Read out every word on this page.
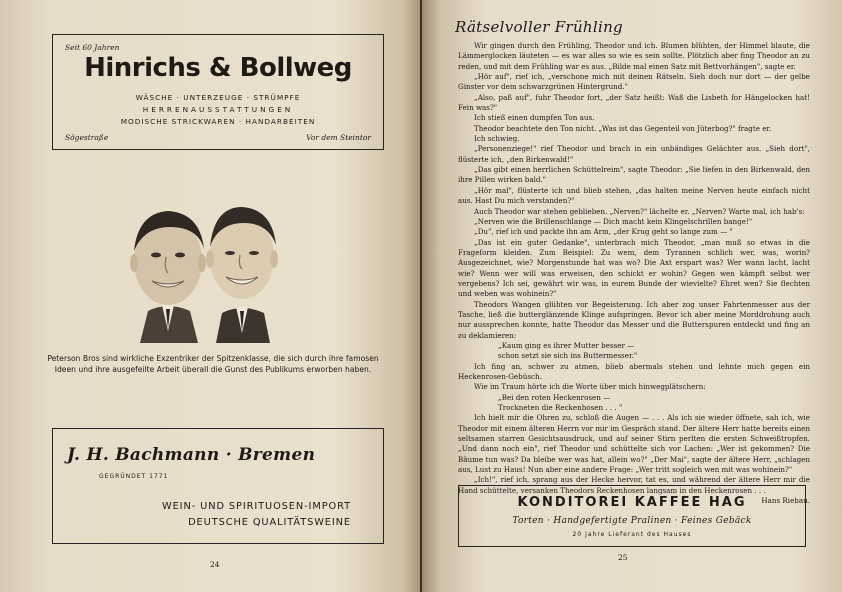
Seit 60 Jahren
Hinrichs & Bollweg
WÄSCHE · UNTERZEUGE · STRÜMPFE
HERRENAUSSTATTUNGEN
MODISCHE STRICKWAREN · HANDARBEITEN
Sögestraße	Vor dem Steintor
Peterson Bros sind wirkliche Exzentriker der Spitzenklasse, die sich durch ihre famosen Ideen und ihre ausgefeilte Arbeit überall die Gunst des Publikums erworben haben.
J. H. Bachmann · Bremen
GEGRÜNDET 1771
WEIN- UND SPIRITUOSEN-IMPORT
DEUTSCHE QUALITÄTSWEINE
24
Rätselvoller Frühling

Wir gingen durch den Frühling, Theodor und ich. Blumen blühten, der Himmel blaute, die Lämmerglocken läuteten — es war alles so wie es sein sollte. Plötzlich aber fing Theodor an zu reden, und mit dem Frühling war es aus. „Bilde mal einen Satz mit Bettvorhängen", sagte er.

„Hör auf", rief ich, „verschone mich mit deinen Rätseln. Sieh doch nur dort — der gelbe Ginster vor dem schwarzgrünen Hintergrund."

„Also, paß auf", fuhr Theodor fort, „der Satz heißt: Waß die Lisbeth for Hängelocken hat! Fein was?"

Ich stieß einen dumpfen Ton aus.

Theodor beachtete den Ton nicht. „Was ist das Gegenteil von Jüterbog?" fragte er.

Ich schwieg.

„Personenziege!" rief Theodor und brach in ein unbändiges Gelächter aus. „Sieh dort", flüsterte ich, „den Birkenwald!"

„Das gibt einen herrlichen Schüttelreim", sagte Theodor: „Sie liefen in den Birkenwald, den ihre Pillen wirken bald."

„Hör mal", flüsterte ich und blieb stehen, „das halten meine Nerven heute einfach nicht aus. Hast Du mich verstanden?"

Auch Theodor war stehen geblieben. „Nerven?" lächelte er. „Nerven? Warte mal, ich hab's:

„Nerven wie die Brillenschlange — Dich macht kein Klingelschrillen bange!"

„Du", rief ich und packte ihn am Arm, „der Krug geht so lange zum — "

„Das ist ein guter Gedanke", unterbrach mich Theodor, „man muß so etwas in die Frageform kleiden. Zum Beispiel: Zu wem, dem Tyrannen schlich wer, was, worin? Ausgezeichnet, wie? Morgenstunde hat was wo? Die Axt erspart was? Wer wann lacht, lacht wie? Wenn wer will was erweisen, den schickt er wohin? Gegen wen kämpft selbst wer vergebens? Ich sei, gewährt wir was, in eurem Bunde der wievielte? Ehret wen? Sie flechten und weben was wohinein?"

Theodors Wangen glühten vor Begeisterung. Ich aber zog unser Fahrtenmesser aus der Tasche, ließ die butterglänzende Klinge aufspringen. Bevor ich aber meine Morddrohung auch nur aussprechen konnte, hatte Theodor das Messer und die Butterspuren entdeckt und fing an zu deklamieren:

„Kaum ging es ihrer Mutter besser —

schon setzt sie sich ins Buttermesser."

Ich fing an, schwer zu atmen, blieb abermals stehen und lehnte mich gegen ein Heckenrosen-Gebüsch.

Wie im Traum hörte ich die Worte über mich hinwegplätschern:

„Bei den roten Heckenrosen —

Trockneten die Reckenhosen . . . "

Ich hielt mir die Ohren zu, schloß die Augen — . . . Als ich sie wieder öffnete, sah ich, wie Theodor mit einem älteren Herrn vor mir im Gespräch stand. Der ältere Herr hatte bereits einen seltsamen starren Gesichtsausdruck, und auf seiner Stirn perlten die ersten Schweißtropfen. „Und dann noch ein", rief Theodor und schüttelte sich vor Lachen: „Wer ist gekommen? Die Bäume tun was? Da bleibe wer was hat, allein wo?" „Der Mai", sagte der ältere Herr, „schlagen aus, Lust zu Haus! Nun aber eine andere Frage: „Wer tritt sogleich wen mit was wohinein?"

„Ich!", rief ich, sprang aus der Hecke hervor, tat es, und während der ältere Herr mir die Hand schüttelte, versanken Theodors Reckenhosen langsam in den Heckenrosen . . .

Hans Riebau.

KONDITOREI KAFFEE HAG
Torten · Handgefertigte Pralinen · Feines Gebäck
20 Jahre Lieferant des Hauses
25
